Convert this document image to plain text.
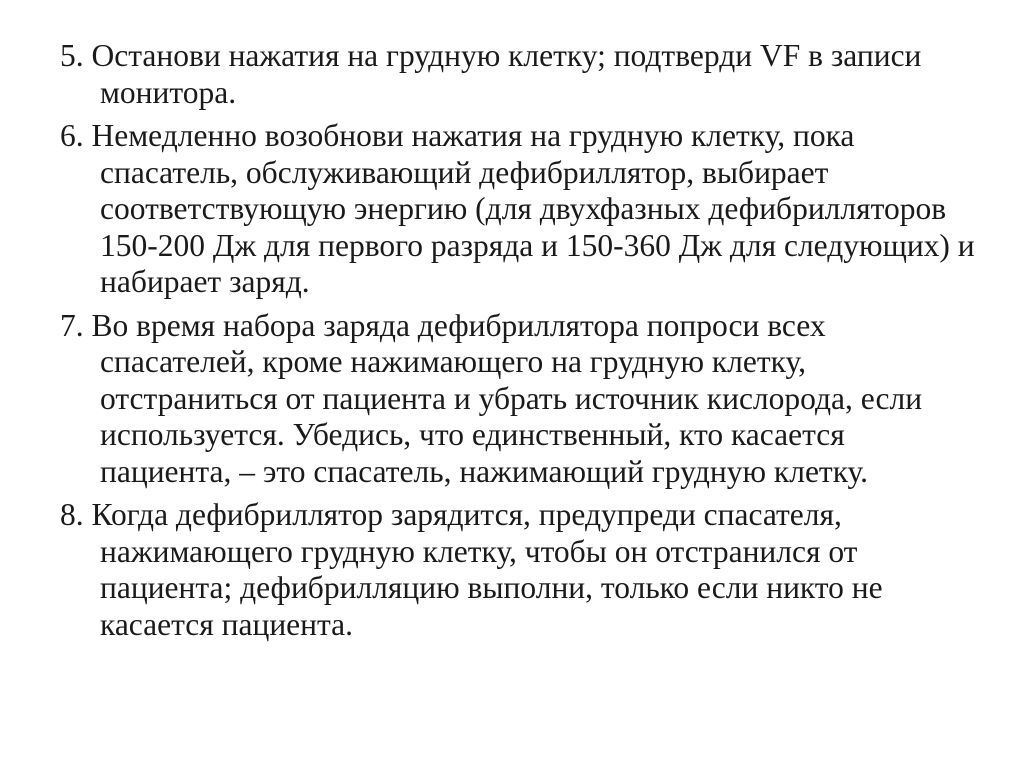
5. Останови нажатия на грудную клетку; подтверди VF в записи монитора.
6. Немедленно возобнови нажатия на грудную клетку, пока спасатель, обслуживающий дефибриллятор, выбирает соответствующую энергию (для двухфазных дефибрилляторов 150-200 Дж для первого разряда и 150-360 Дж для следующих) и набирает заряд.
7. Во время набора заряда дефибриллятора попроси всех спасателей, кроме нажимающего на грудную клетку, отстраниться от пациента и убрать источник кислорода, если используется. Убедись, что единственный, кто касается пациента, – это спасатель, нажимающий грудную клетку.
8. Когда дефибриллятор зарядится, предупреди спасателя, нажимающего грудную клетку, чтобы он отстранился от пациента; дефибрилляцию выполни, только если никто не касается пациента.
